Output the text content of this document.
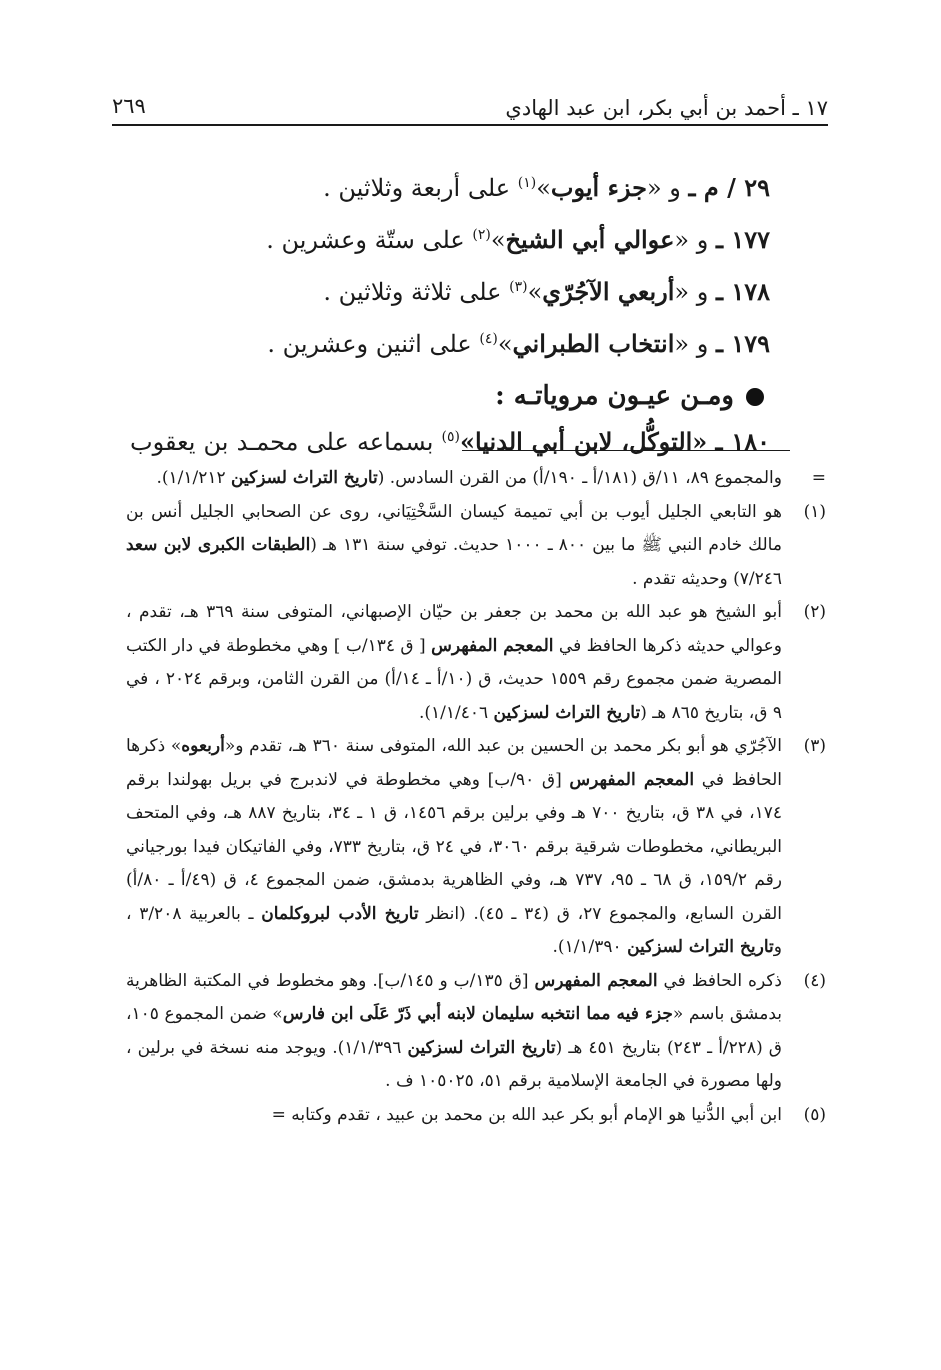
١٧ ـ أحمد بن أبي بكر، ابن عبد الهادي
٢٦٩
٢٩ / م ـ و «جزء أيوب»$^{(١)}$ على أربعة وثلاثين .
١٧٧ ـ و «عوالي أبي الشيخ»$^{(٢)}$ على ستّة وعشرين .
١٧٨ ـ و «أربعي الآجُرّي»$^{(٣)}$ على ثلاثة وثلاثين .
١٧٩ ـ و «انتخاب الطبراني»$^{(٤)}$ على اثنين وعشرين .
ومـن عيـون مروياتـه :
١٨٠ ـ «التوكُّل، لابن أبي الدنيا»$^{(٥)}$ بسماعه على محمـد بن يعقوب
=
والمجموع ٨٩، ١١/ق (١٨١/أ ـ ١٩٠/أ) من القرن السادس. (تاريخ التراث لسزكين ١/١/٢١٢).
(١)
هو التابعي الجليل أيوب بن أبي تميمة كيسان السَّخْتِيَاني، روى عن الصحابي الجليل أنس بن مالك خادم النبي ﷺ ما بين ٨٠٠ ـ ١٠٠٠ حديث. توفي سنة ١٣١ هـ (الطبقات الكبرى لابن سعد ٧/٢٤٦) وحديثه تقدم .
(٢)
أبو الشيخ هو عبد الله بن محمد بن جعفر بن حيّان الإصبهاني، المتوفى سنة ٣٦٩ هـ، تقدم ، وعوالي حديثه ذكرها الحافظ في المعجم المفهرس [ ق ١٣٤/ب ] وهي مخطوطة في دار الكتب المصرية ضمن مجموع رقم ١٥٥٩ حديث، ق (١٠/أ ـ ١٤/أ) من القرن الثامن، وبرقم ٢٠٢٤ ، في ٩ ق، بتاريخ ٨٦٥ هـ (تاريخ التراث لسزكين ١/١/٤٠٦).
(٣)
الآجُرّي هو أبو بكر محمد بن الحسين بن عبد الله، المتوفى سنة ٣٦٠ هـ، تقدم و«أربعوه» ذكرها الحافظ في المعجم المفهرس [ق ٩٠/ب] وهي مخطوطة في لاندبرج في بريل بهولندا برقم ١٧٤، في ٣٨ ق، بتاريخ ٧٠٠ هـ وفي برلين برقم ١٤٥٦، ق ١ ـ ٣٤، بتاريخ ٨٨٧ هـ، وفي المتحف البريطاني، مخطوطات شرقية برقم ٣٠٦٠، في ٢٤ ق، بتاريخ ٧٣٣، وفي الفاتيكان فيدا بورجياني رقم ١٥٩/٢، ق ٦٨ ـ ٩٥، ٧٣٧ هـ، وفي الظاهرية بدمشق، ضمن المجموع ٤، ق (٤٩/أ ـ ٨٠/أ) القرن السابع، والمجموع ٢٧، ق (٣٤ ـ ٤٥). (انظر تاريخ الأدب لبروكلمان ـ بالعربية ٣/٢٠٨ ، وتاريخ التراث لسزكين ١/١/٣٩٠).
(٤)
ذكره الحافظ في المعجم المفهرس [ق ١٣٥/ب و ١٤٥/ب]. وهو مخطوط في المكتبة الظاهرية بدمشق باسم «جزء فيه مما انتخبه سليمان لابنه أبي ذَرّ عَلَى ابن فارس» ضمن المجموع ١٠٥، ق (٢٢٨/أ ـ ٢٤٣) بتاريخ ٤٥١ هـ (تاريخ التراث لسزكين ١/١/٣٩٦). ويوجد منه نسخة في برلين ، ولها مصورة في الجامعة الإسلامية برقم ٥١، ١٠٥٠٢٥ ف .
(٥)
ابن أبي الدُّنيا هو الإمام أبو بكر عبد الله بن محمد بن عبيد ، تقدم وكتابه =
